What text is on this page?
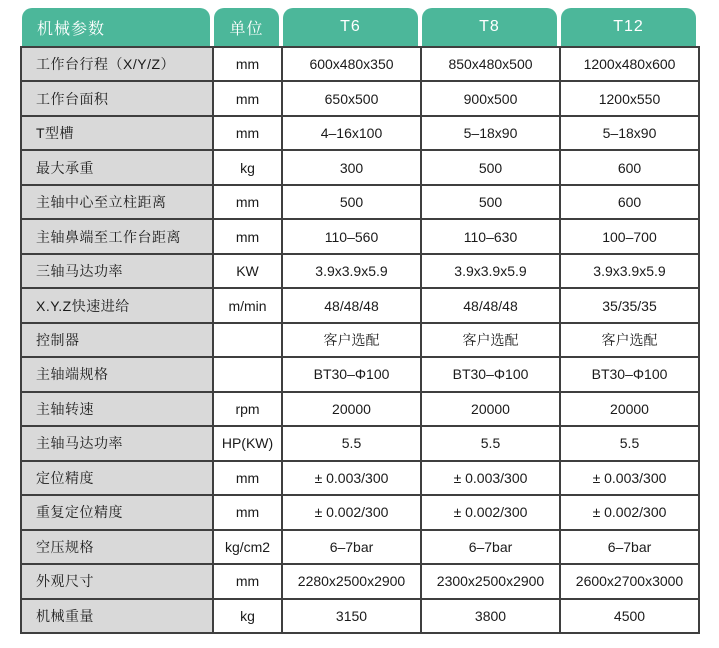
机械参数	单位	T6	T8	T12
工作台行程（X/Y/Z）	mm	600x480x350	850x480x500	1200x480x600
工作台面积	mm	650x500	900x500	1200x550
T型槽	mm	4–16x100	5–18x90	5–18x90
最大承重	kg	300	500	600
主轴中心至立柱距离	mm	500	500	600
主轴鼻端至工作台距离	mm	110–560	110–630	100–700
三轴马达功率	KW	3.9x3.9x5.9	3.9x3.9x5.9	3.9x3.9x5.9
X.Y.Z快速进给	m/min	48/48/48	48/48/48	35/35/35
控制器		客户选配	客户选配	客户选配
主轴端规格		BT30–Φ100	BT30–Φ100	BT30–Φ100
主轴转速	rpm	20000	20000	20000
主轴马达功率	HP(KW)	5.5	5.5	5.5
定位精度	mm	± 0.003/300	± 0.003/300	± 0.003/300
重复定位精度	mm	± 0.002/300	± 0.002/300	± 0.002/300
空压规格	kg/cm2	6–7bar	6–7bar	6–7bar
外观尺寸	mm	2280x2500x2900	2300x2500x2900	2600x2700x3000
机械重量	kg	3150	3800	4500
